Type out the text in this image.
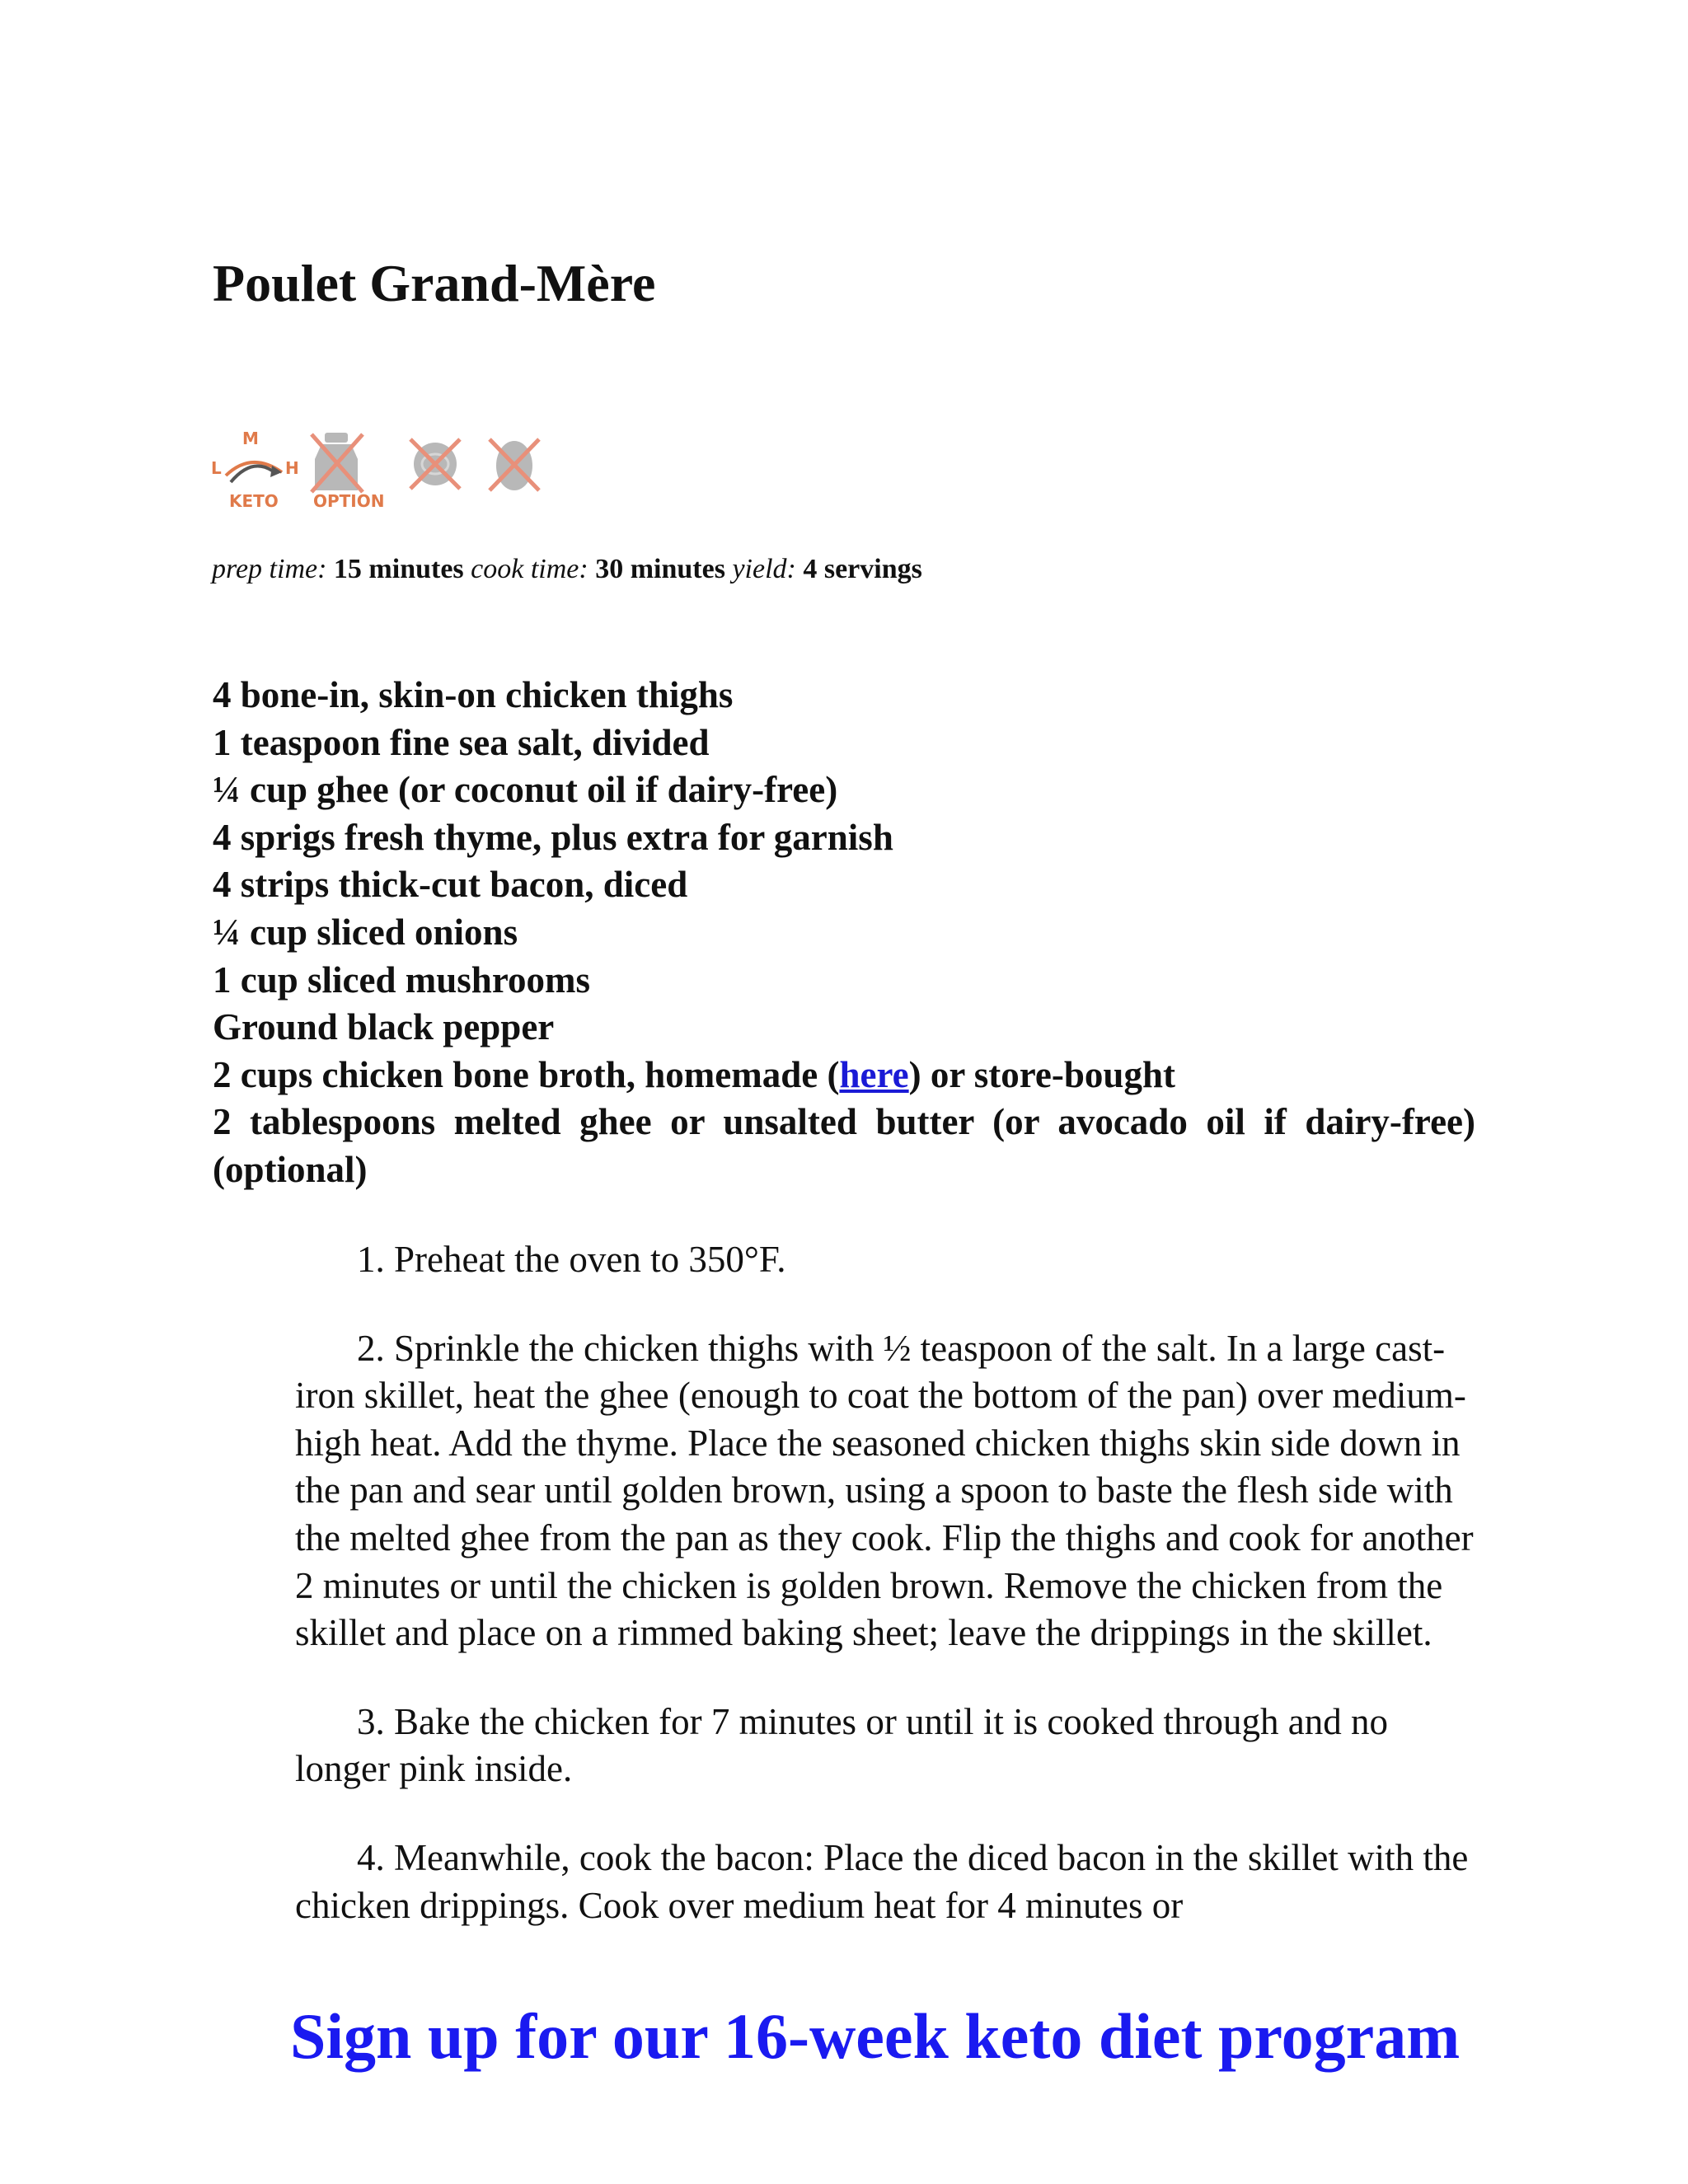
Poulet Grand-Mère
M
L	H
KETO OPTION
prep time: 15 minutes cook time: 30 minutes yield: 4 servings
4 bone-in, skin-on chicken thighs
1 teaspoon fine sea salt, divided
¼ cup ghee (or coconut oil if dairy-free)
4 sprigs fresh thyme, plus extra for garnish
4 strips thick-cut bacon, diced
¼ cup sliced onions
1 cup sliced mushrooms
Ground black pepper
2 cups chicken bone broth, homemade (here) or store-bought
2 tablespoons melted ghee or unsalted butter (or avocado oil if dairy-free) (optional)
1. Preheat the oven to 350°F.
2. Sprinkle the chicken thighs with ½ teaspoon of the salt. In a large cast-iron skillet, heat the ghee (enough to coat the bottom of the pan) over medium-high heat. Add the thyme. Place the seasoned chicken thighs skin side down in the pan and sear until golden brown, using a spoon to baste the flesh side with the melted ghee from the pan as they cook. Flip the thighs and cook for another 2 minutes or until the chicken is golden brown. Remove the chicken from the skillet and place on a rimmed baking sheet; leave the drippings in the skillet.
3. Bake the chicken for 7 minutes or until it is cooked through and no longer pink inside.
4. Meanwhile, cook the bacon: Place the diced bacon in the skillet with the chicken drippings. Cook over medium heat for 4 minutes or
Sign up for our 16-week keto diet program
